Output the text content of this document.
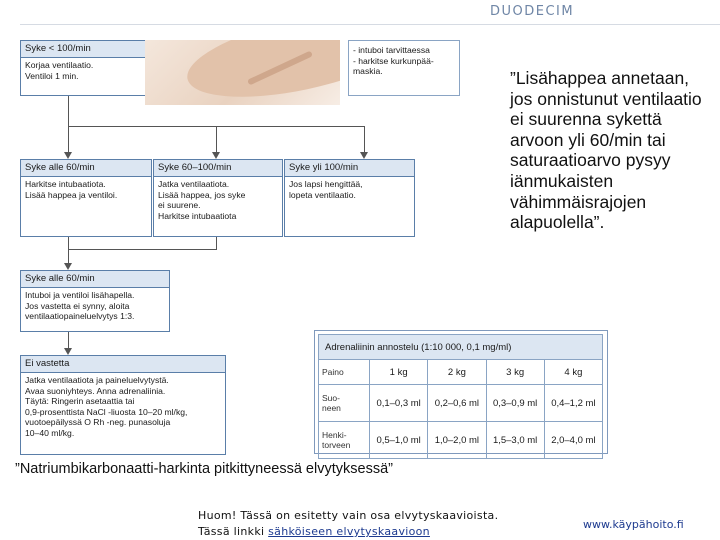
DUODECIM
Syke < 100/min
Korjaa ventilaatio.
Ventiloi 1 min.
- intuboi tarvittaessa
- harkitse kurkunpää-
maskia.
Syke alle 60/min
Harkitse intubaatiota.
Lisää happea ja ventiloi.
Syke 60–100/min
Jatka ventilaatiota.
Lisää happea, jos syke
ei suurene.
Harkitse intubaatiota
Syke yli 100/min
Jos lapsi hengittää,
lopeta ventilaatio.
Syke alle 60/min
Intuboi ja ventiloi lisähapella.
Jos vastetta ei synny, aloita
ventilaatiopaineluelvytys 1:3.
Ei vastetta
Jatka ventilaatiota ja paineluelvytystä.
Avaa suoniyhteys. Anna adrenaliinia.
Täytä: Ringerin asetaattia tai
0,9-prosenttista NaCl -liuosta 10–20 ml/kg,
vuotoepäilyssä O Rh -neg. punasoluja
10–40 ml/kg.
”Lisähappea annetaan, jos onnistunut ventilaatio ei suurenna sykettä arvoon yli 60/min tai saturaatioarvo pysyy iänmukaisten vähimmäisrajojen alapuolella”.
Adrenaliinin annostelu (1:10 000, 0,1 mg/ml)				
Paino	1 kg	2 kg	3 kg	4 kg
Suo-
neen	0,1–0,3 ml	0,2–0,6 ml	0,3–0,9 ml	0,4–1,2 ml
Henki-
torveen	0,5–1,0 ml	1,0–2,0 ml	1,5–3,0 ml	2,0–4,0 ml
”Natriumbikarbonaatti-harkinta pitkittyneessä elvytyksessä”
Huom! Tässä on esitetty vain osa elvytyskaavioista.
Tässä linkki sähköiseen elvytyskaavioon
www.käypähoito.fi
